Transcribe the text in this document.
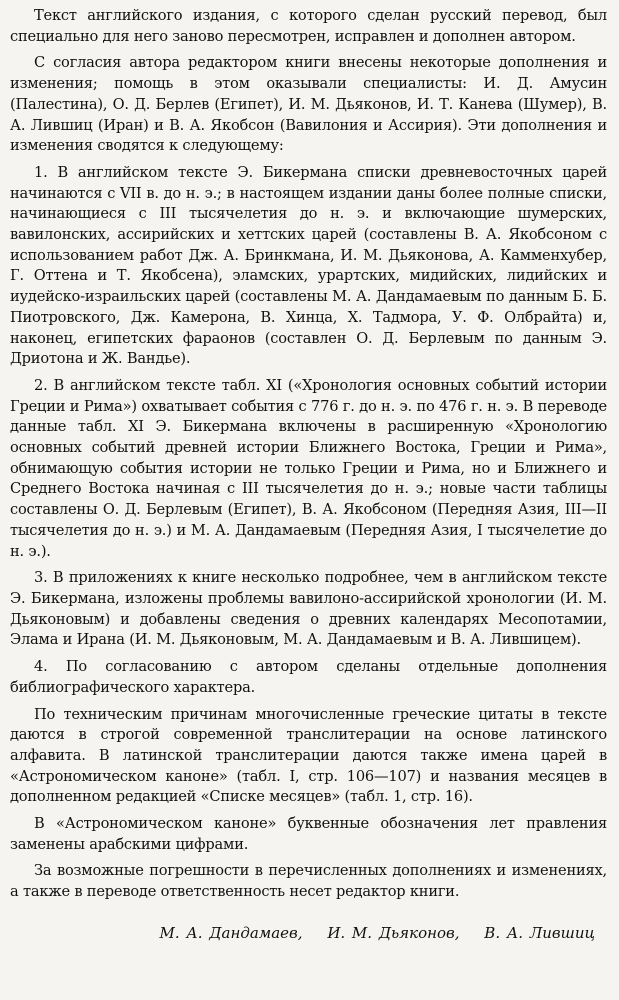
Текст английского издания, с которого сделан русский перевод, был специально для него заново пересмотрен, исправлен и дополнен автором.

С согласия автора редактором книги внесены некоторые дополнения и изменения; помощь в этом оказывали специалисты: И. Д. Амусин (Палестина), О. Д. Берлев (Египет), И. М. Дьяконов, И. Т. Канева (Шумер), В. А. Лившиц (Иран) и В. А. Якобсон (Вавилония и Ассирия). Эти дополнения и изменения сводятся к следующему:

1. В английском тексте Э. Бикермана списки древневосточных царей начинаются с VII в. до н. э.; в настоящем издании даны более полные списки, начинающиеся с III тысячелетия до н. э. и включающие шумерских, вавилонских, ассирийских и хеттских царей (составлены В. А. Якобсоном с использованием работ Дж. А. Бринкмана, И. М. Дьяконова, А. Камменхубер, Г. Оттена и Т. Якобсена), эламских, урартских, мидийских, лидийских и иудейско-израильских царей (составлены М. А. Дандамаевым по данным Б. Б. Пиотровского, Дж. Камерона, В. Хинца, Х. Тадмора, У. Ф. Олбрайта) и, наконец, египетских фараонов (составлен О. Д. Берлевым по данным Э. Дриотона и Ж. Вандье).

2. В английском тексте табл. XI («Хронология основных событий истории Греции и Рима») охватывает события с 776 г. до н. э. по 476 г. н. э. В переводе данные табл. XI Э. Бикермана включены в расширенную «Хронологию основных событий древней истории Ближнего Востока, Греции и Рима», обнимающую события истории не только Греции и Рима, но и Ближнего и Среднего Востока начиная с III тысячелетия до н. э.; новые части таблицы составлены О. Д. Берлевым (Египет), В. А. Якобсоном (Передняя Азия, III—II тысячелетия до н. э.) и М. А. Дандамаевым (Передняя Азия, I тысячелетие до н. э.).

3. В приложениях к книге несколько подробнее, чем в английском тексте Э. Бикермана, изложены проблемы вавилоно-ассирийской хронологии (И. М. Дьяконовым) и добавлены сведения о древних календарях Месопотамии, Элама и Ирана (И. М. Дьяконовым, М. А. Дандамаевым и В. А. Лившицем).

4. По согласованию с автором сделаны отдельные дополнения библиографического характера.

По техническим причинам многочисленные греческие цитаты в тексте даются в строгой современной транслитерации на основе латинского алфавита. В латинской транслитерации даются также имена царей в «Астрономическом каноне» (табл. I, стр. 106—107) и названия месяцев в дополненном редакцией «Списке месяцев» (табл. 1, стр. 16).

В «Астрономическом каноне» буквенные обозначения лет правления заменены арабскими цифрами.

За возможные погрешности в перечисленных дополнениях и изменениях, а также в переводе ответственность несет редактор книги.

М. А. Дандамаев, И. М. Дьяконов, В. А. Лившиц
